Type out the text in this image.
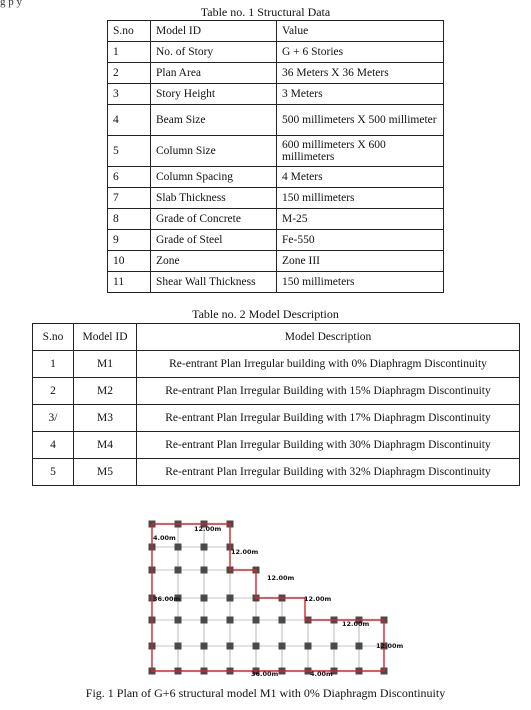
g p y
Table no. 1 Structural Data
S.no	Model ID	Value
1	No. of Story	G + 6 Stories
2	Plan Area	36 Meters X 36 Meters
3	Story Height	3 Meters
4	Beam Size	500 millimeters X 500 millimeter
5	Column Size	600 millimeters X 600 millimeters
6	Column Spacing	4 Meters
7	Slab Thickness	150 millimeters
8	Grade of Concrete	M-25
9	Grade of Steel	Fe-550
10	Zone	Zone III
11	Shear Wall Thickness	150 millimeters
Table no. 2 Model Description
S.no	Model ID	Model Description
1	M1	Re-entrant Plan Irregular building with 0% Diaphragm Discontinuity
2	M2	Re-entrant Plan Irregular Building with 15% Diaphragm Discontinuity
3/	M3	Re-entrant Plan Irregular Building with 17% Diaphragm Discontinuity
4	M4	Re-entrant Plan Irregular Building with 30% Diaphragm Discontinuity
5	M5	Re-entrant Plan Irregular Building with 32% Diaphragm Discontinuity
12.00m
4.00m
12.00m
12.00m
12.00m
36.00m
12.00m
12.00m
36.00m	4.00m
Fig. 1 Plan of G+6 structural model M1 with 0% Diaphragm Discontinuity
